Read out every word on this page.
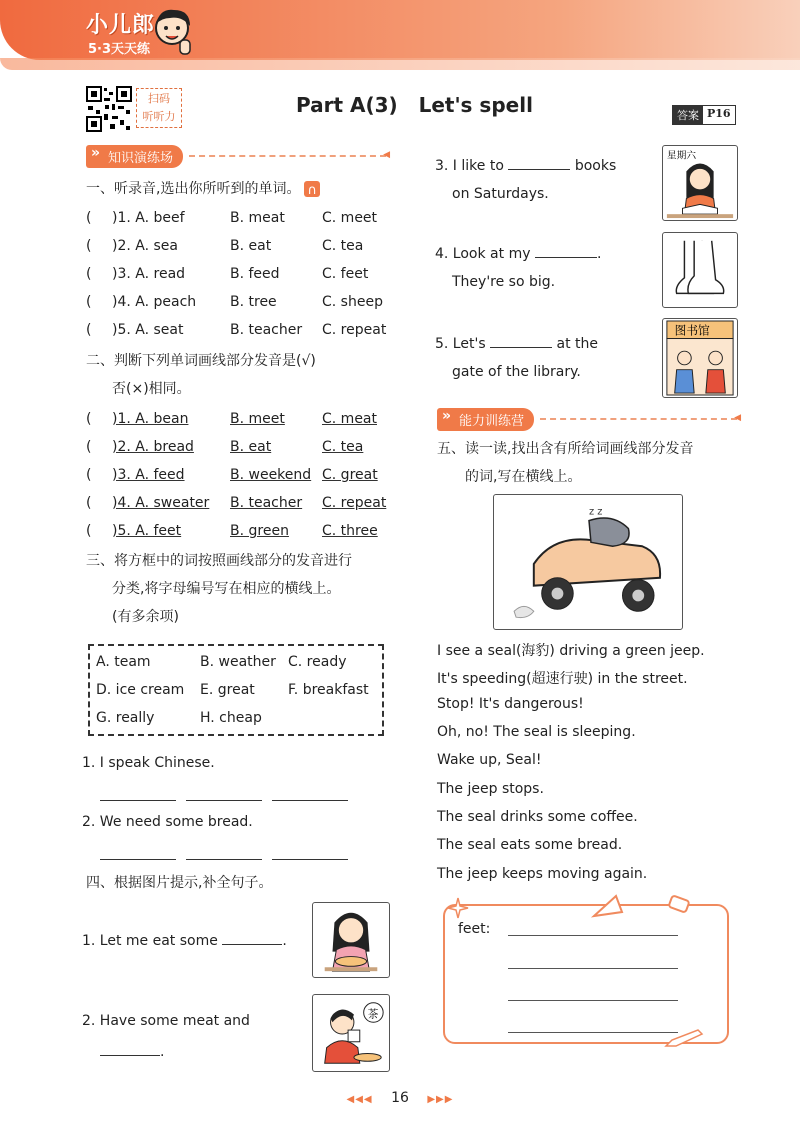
小儿郎
5·3天天练
扫码
听听力	Part A(3)   Let's spell	答案 P16
» 知识演练场
◀
一、听录音,选出你所听到的单词。∩
(	)1. A. beef	B. meat	C. meet
(	)2. A. sea	B. eat	C. tea
(	)3. A. read	B. feed	C. feet
(	)4. A. peach	B. tree	C. sheep
(	)5. A. seat	B. teacher	C. repeat
二、判断下列单词画线部分发音是(√)
否(×)相同。
(	)1. A. bean	B. meet	C. meat
(	)2. A. bread	B. eat	C. tea
(	)3. A. feed	B. weekend C. great
(	)4. A. sweater	B. teacher	C. repeat
(	)5. A. feet	B. green	C. three
三、将方框中的词按照画线部分的发音进行
分类,将字母编号写在相应的横线上。
(有多余项)
A. team	B. weather C. ready
D. ice cream E. great F. breakfast
G. really	H. cheap
1. I speak Chinese.
2. We need some bread.
四、根据图片提示,补全句子。
1. Let me eat some	.
2. Have some meat and
.
茶
3. I like to	books
on Saturdays.
星期六
4. Look at my	.
They're so big.
5. Let's	at the
gate of the library.
图书馆
» 能力训练营
◀
五、读一读,找出含有所给词画线部分发音
的词,写在横线上。
z z
I see a seal(海豹) driving a green jeep.
It's speeding(超速行驶) in the street.
Stop! It's dangerous!
Oh, no! The seal is sleeping.
Wake up, Seal!
The jeep stops.
The seal drinks some coffee.
The seal eats some bread.
The jeep keeps moving again.
feet:
◀◀◀ 16 ▶▶▶
